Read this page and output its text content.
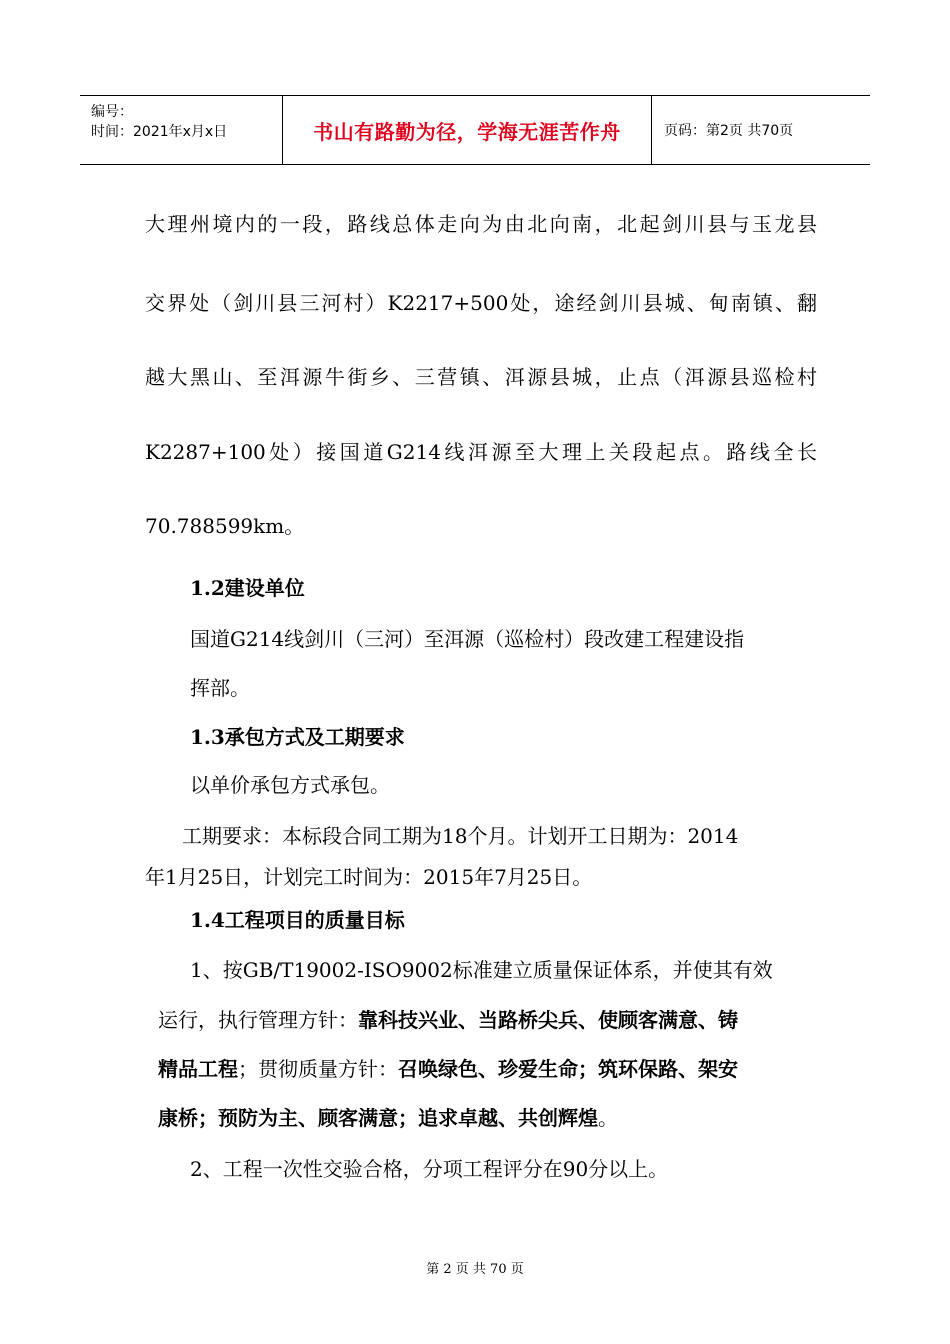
编号：
时间：2021年x月x日	书山有路勤为径，学海无涯苦作舟	页码：第2页 共70页
大理州境内的一段，路线总体走向为由北向南，北起剑川县与玉龙县
交界处（剑川县三河村）K2217+500处，途经剑川县城、甸南镇、翻
越大黑山、至洱源牛街乡、三营镇、洱源县城，止点（洱源县巡检村
K2287+100处）接国道G214线洱源至大理上关段起点。路线全长
70.788599km。
1.2建设单位
国道G214线剑川（三河）至洱源（巡检村）段改建工程建设指
挥部。
1.3承包方式及工期要求
以单价承包方式承包。
工期要求：本标段合同工期为18个月。计划开工日期为：2014
年1月25日，计划完工时间为：2015年7月25日。
1.4工程项目的质量目标
1、按GB/T19002-ISO9002标准建立质量保证体系，并使其有效
运行，执行管理方针：靠科技兴业、当路桥尖兵、使顾客满意、铸
精品工程；贯彻质量方针：召唤绿色、珍爱生命；筑环保路、架安
康桥；预防为主、顾客满意；追求卓越、共创辉煌。
2、工程一次性交验合格，分项工程评分在90分以上。
第 2 页 共 70 页
